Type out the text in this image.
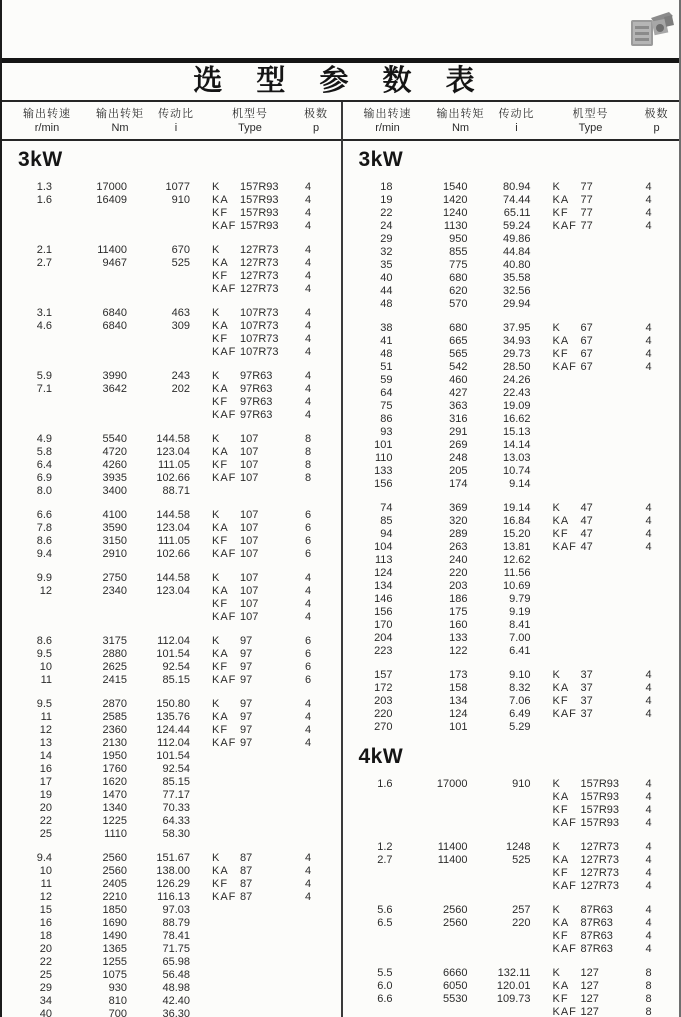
选 型 参 数 表
输出转速
r/min
输出转矩
Nm
传动比
i
机型号
Type
极数
p
3kW
1.3	17000	1077 K	157R93	4
1.6	16409	910 KA	157R93	4
KF	157R93	4
KAF 157R93	4
2.1	11400	670 K	127R73	4
2.7	9467	525 KA	127R73	4
KF	127R73	4
KAF 127R73	4
3.1	6840	463 K	107R73	4
4.6	6840	309 KA	107R73	4
KF	107R73	4
KAF 107R73	4
5.9	3990	243 K	97R63	4
7.1	3642	202 KA	97R63	4
KF	97R63	4
KAF 97R63	4
4.9	5540	144.58 K	107	8
5.8	4720	123.04 KA	107	8
6.4	4260	111.05 KF	107	8
6.9	3935	102.66 KAF 107	8
8.0	3400	88.71
6.6	4100	144.58 K	107	6
7.8	3590	123.04 KA	107	6
8.6	3150	111.05 KF	107	6
9.4	2910	102.66 KAF 107	6
9.9	2750	144.58 K	107	4
12	2340	123.04 KA	107	4
KF	107	4
KAF 107	4
8.6	3175	112.04 K	97	6
9.5	2880	101.54 KA	97	6
10	2625	92.54 KF	97	6
11	2415	85.15 KAF 97	6
9.5	2870	150.80 K	97	4
11	2585	135.76 KA	97	4
12	2360	124.44 KF	97	4
13	2130	112.04 KAF 97	4
14	1950	101.54
16	1760	92.54
17	1620	85.15
19	1470	77.17
20	1340	70.33
22	1225	64.33
25	1110	58.30
9.4	2560	151.67 K	87	4
10	2560	138.00 KA	87	4
11	2405	126.29 KF	87	4
12	2210	116.13 KAF 87	4
15	1850	97.03
16	1690	88.79
18	1490	78.41
20	1365	71.75
22	1255	65.98
25	1075	56.48
29	930	48.98
34	810	42.40
40	700	36.30
输出转速
r/min
输出转矩
Nm
传动比
i
机型号
Type
极数
p
3kW
18	1540	80.94 K	77	4
19	1420	74.44 KA	77	4
22	1240	65.11 KF	77	4
24	1130	59.24 KAF 77	4
29	950	49.86
32	855	44.84
35	775	40.80
40	680	35.58
44	620	32.56
48	570	29.94
38	680	37.95 K	67	4
41	665	34.93 KA	67	4
48	565	29.73 KF	67	4
51	542	28.50 KAF 67	4
59	460	24.26
64	427	22.43
75	363	19.09
86	316	16.62
93	291	15.13
101	269	14.14
110	248	13.03
133	205	10.74
156	174	9.14
74	369	19.14 K	47	4
85	320	16.84 KA	47	4
94	289	15.20 KF	47	4
104	263	13.81 KAF 47	4
113	240	12.62
124	220	11.56
134	203	10.69
146	186	9.79
156	175	9.19
170	160	8.41
204	133	7.00
223	122	6.41
157	173	9.10 K	37	4
172	158	8.32 KA	37	4
203	134	7.06 KF	37	4
220	124	6.49 KAF 37	4
270	101	5.29
4kW
1.6	17000	910 K	157R93	4
KA	157R93	4
KF	157R93	4
KAF 157R93	4
1.2	11400	1248 K	127R73	4
2.7	11400	525 KA	127R73	4
KF	127R73	4
KAF 127R73	4
5.6	2560	257 K	87R63	4
6.5	2560	220 KA	87R63	4
KF	87R63	4
KAF 87R63	4
5.5	6660	132.11 K	127	8
6.0	6050	120.01 KA	127	8
6.6	5530	109.73 KF	127	8
KAF 127	8
